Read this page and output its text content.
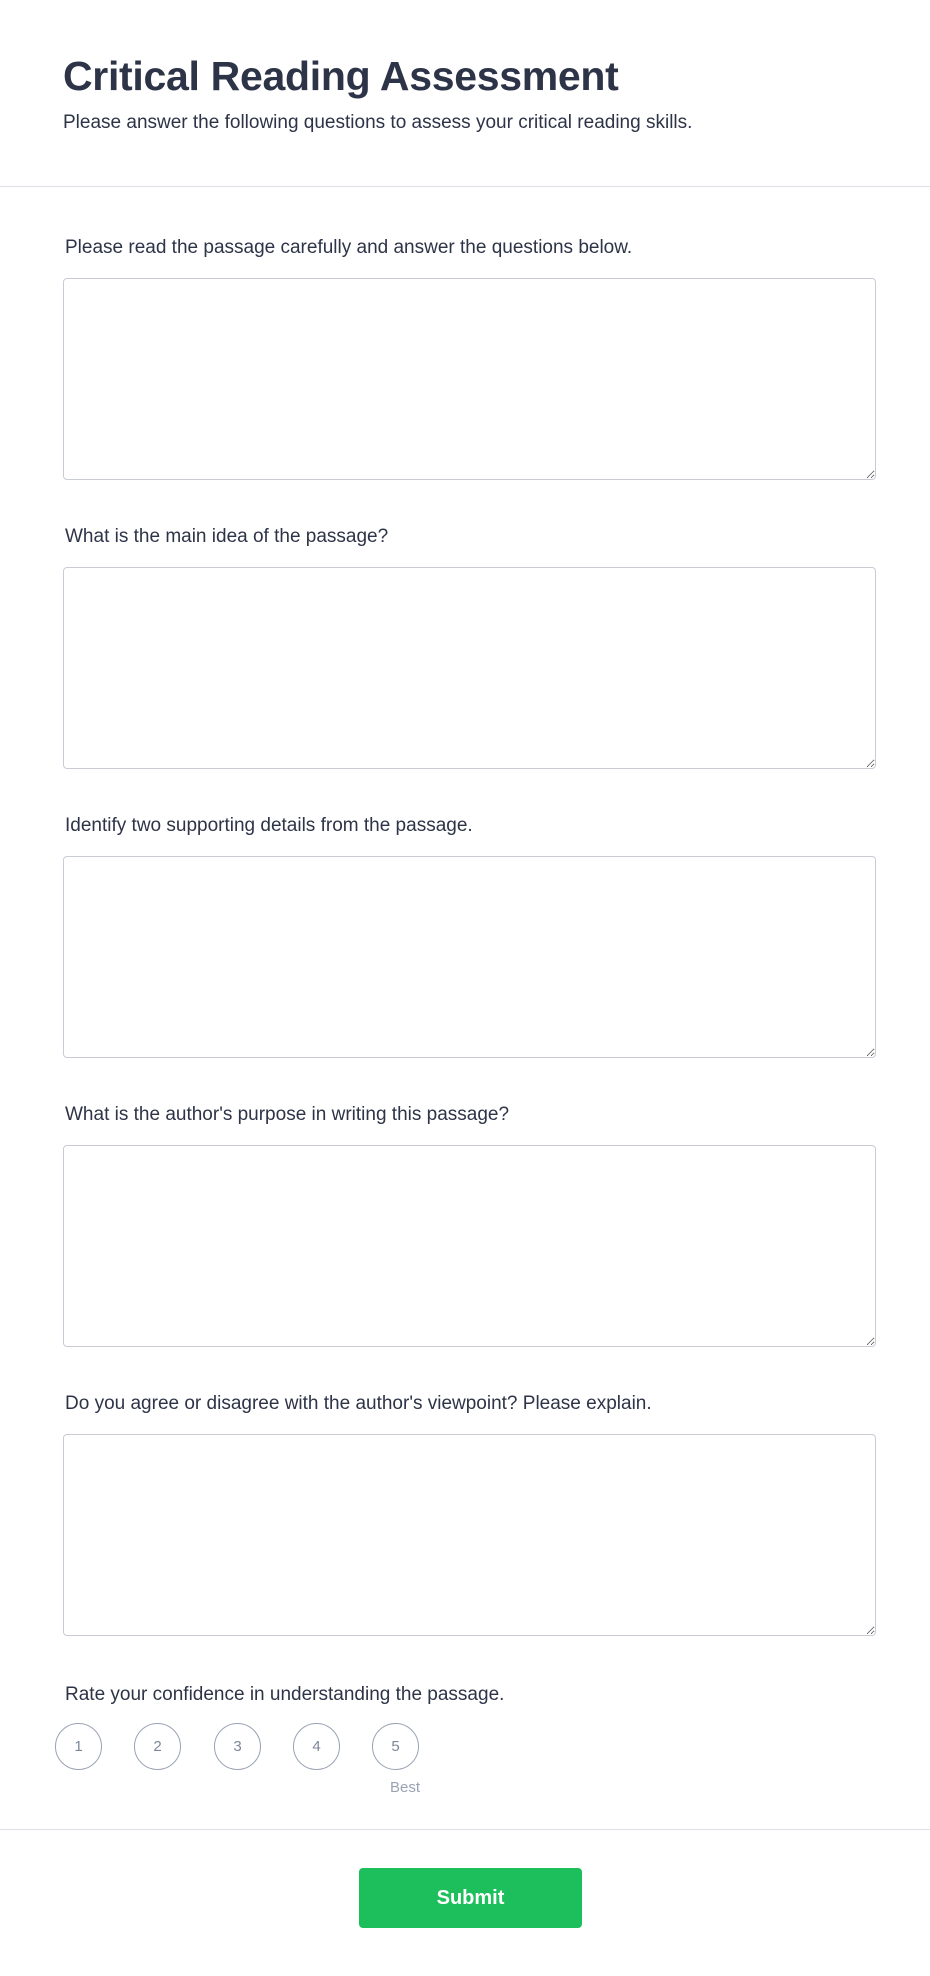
Critical Reading Assessment

Please answer the following questions to assess your critical reading skills.

Please read the passage carefully and answer the questions below.
What is the main idea of the passage?
Identify two supporting details from the passage.
What is the author's purpose in writing this passage?
Do you agree or disagree with the author's viewpoint? Please explain.
Rate your confidence in understanding the passage.
1	2	3	4	5
Best
Submit
